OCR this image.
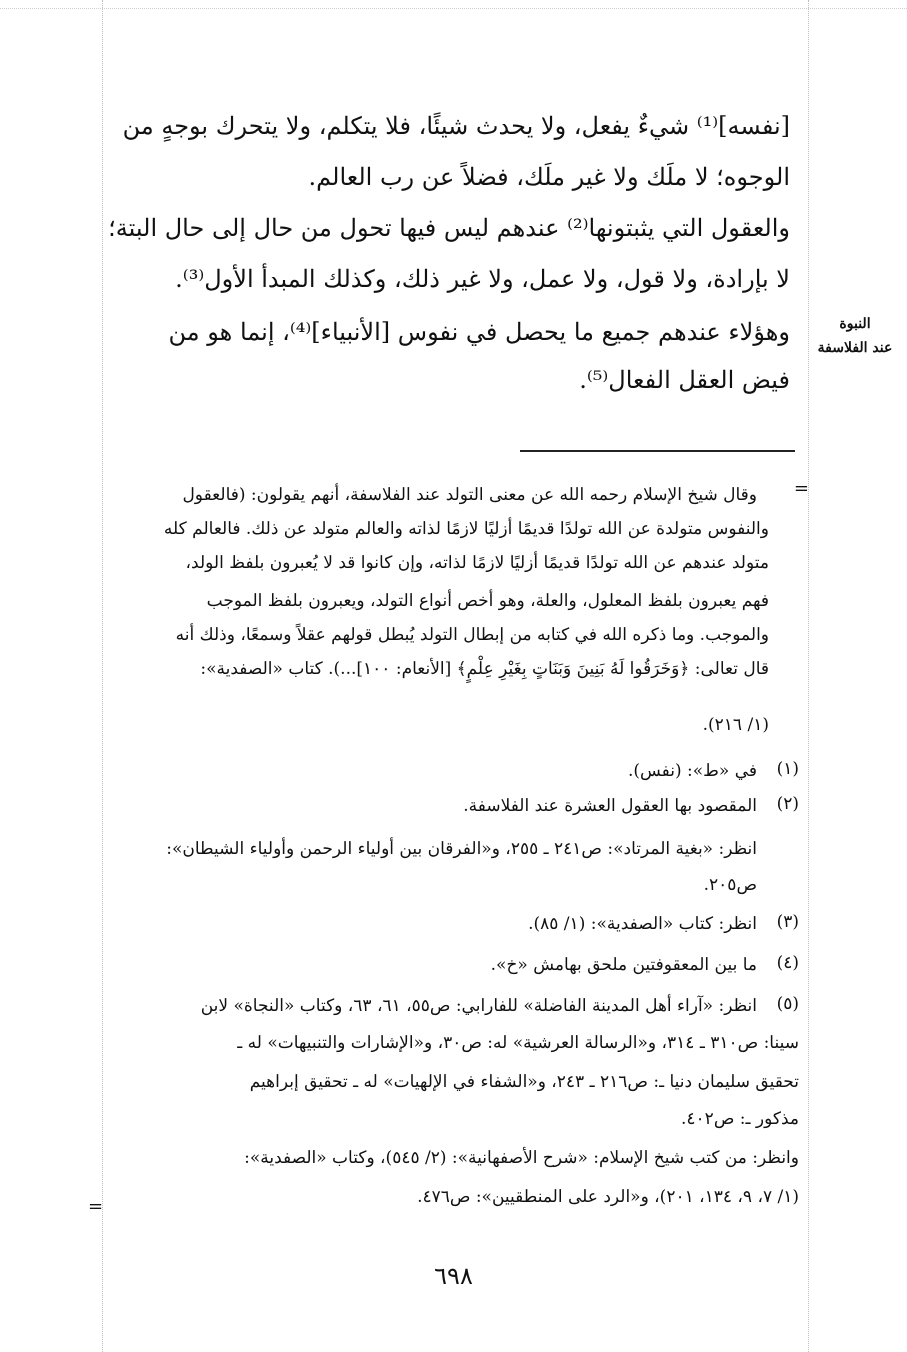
[نفسه]⁽¹⁾ شيءٌ يفعل، ولا يحدث شيئًا، فلا يتكلم، ولا يتحرك بوجهٍ من
الوجوه؛ لا ملَك ولا غير ملَك، فضلاً عن رب العالم.
والعقول التي يثبتونها⁽²⁾ عندهم ليس فيها تحول من حال إلى حال البتة؛
لا بإرادة، ولا قول، ولا عمل، ولا غير ذلك، وكذلك المبدأ الأول⁽³⁾.
وهؤلاء عندهم جميع ما يحصل في نفوس [الأنبياء]⁽⁴⁾، إنما هو من
فيض العقل الفعال⁽⁵⁾.
النبوة
عند الفلاسفة
=
=
وقال شيخ الإسلام رحمه الله عن معنى التولد عند الفلاسفة، أنهم يقولون: (فالعقول
والنفوس متولدة عن الله تولدًا قديمًا أزليًا لازمًا لذاته والعالم متولد عن ذلك. فالعالم كله
متولد عندهم عن الله تولدًا قديمًا أزليًا لازمًا لذاته، وإن كانوا قد لا يُعبرون بلفظ الولد،
فهم يعبرون بلفظ المعلول، والعلة، وهو أخص أنواع التولد، ويعبرون بلفظ الموجب
والموجب. وما ذكره الله في كتابه من إبطال التولد يُبطل قولهم عقلاً وسمعًا، وذلك أنه
قال تعالى: ﴿وَخَرَقُوا لَهُ بَنِينَ وَبَنَاتٍ بِغَيْرِ عِلْمٍ﴾ [الأنعام: ١٠٠]...). كتاب «الصفدية»:
(١/ ٢١٦).
(١)
في «ط»: (نفس).
(٢)
المقصود بها العقول العشرة عند الفلاسفة.
انظر: «بغية المرتاد»: ص٢٤١ ـ ٢٥٥، و«الفرقان بين أولياء الرحمن وأولياء الشيطان»:
ص٢٠٥.
(٣)
انظر: كتاب «الصفدية»: (١/ ٨٥).
(٤)
ما بين المعقوفتين ملحق بهامش «خ».
(٥)
انظر: «آراء أهل المدينة الفاضلة» للفارابي: ص٥٥، ٦١، ٦٣، وكتاب «النجاة» لابن
سينا: ص٣١٠ ـ ٣١٤، و«الرسالة العرشية» له: ص٣٠، و«الإشارات والتنبيهات» له ـ
تحقيق سليمان دنيا ـ: ص٢١٦ ـ ٢٤٣، و«الشفاء في الإلهيات» له ـ تحقيق إبراهيم
مذكور ـ: ص٤٠٢.
وانظر: من كتب شيخ الإسلام: «شرح الأصفهانية»: (٢/ ٥٤٥)، وكتاب «الصفدية»:
(١/ ٧، ٩، ١٣٤، ٢٠١)، و«الرد على المنطقيين»: ص٤٧٦.
٦٩٨
